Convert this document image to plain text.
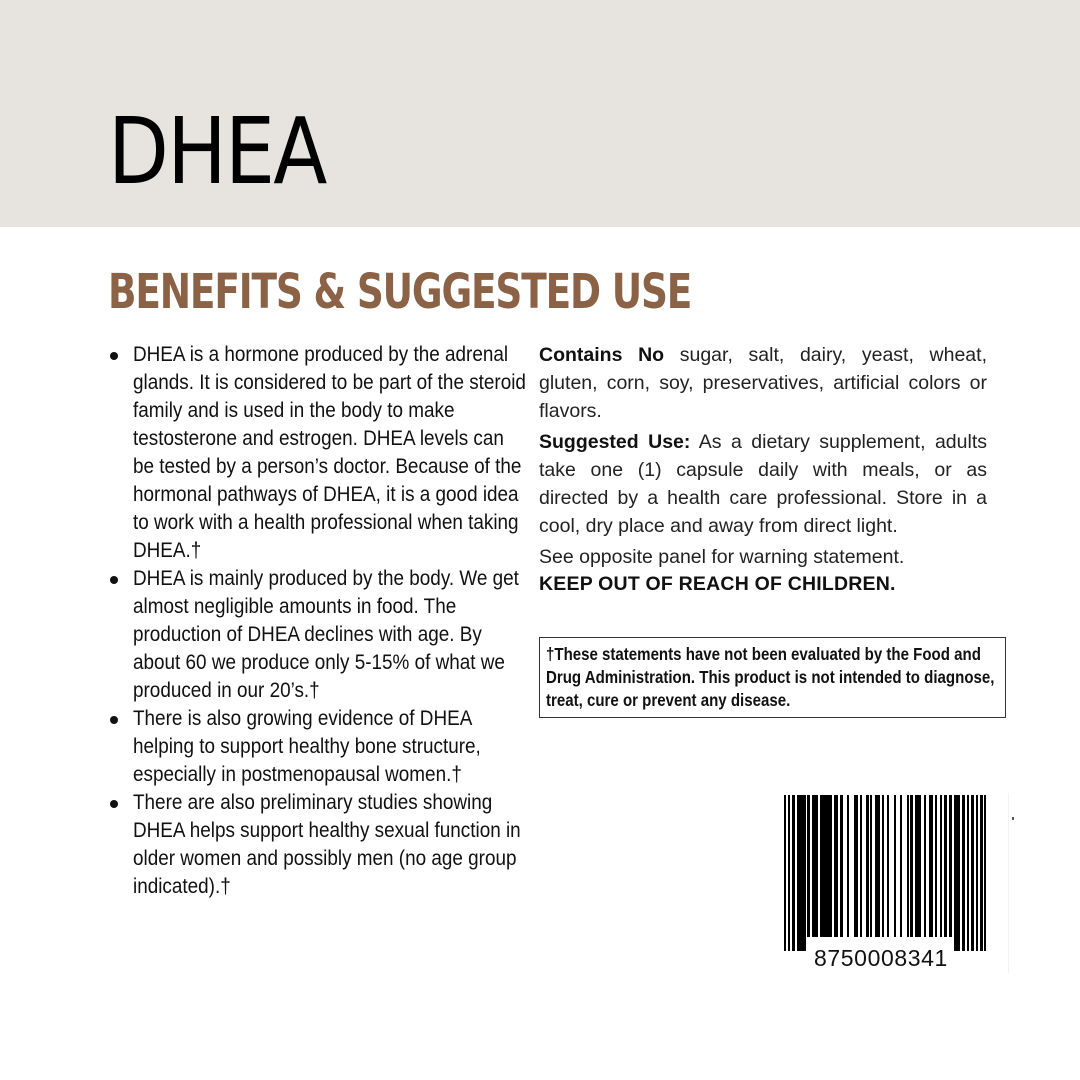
DHEA
BENEFITS & SUGGESTED USE
DHEA is a hormone produced by the adrenal glands. It is considered to be part of the steroid family and is used in the body to make testosterone and estrogen. DHEA levels can be tested by a person’s doctor. Because of the hormonal pathways of DHEA, it is a good idea to work with a health professional when taking DHEA.†
DHEA is mainly produced by the body. We get almost negligible amounts in food. The production of DHEA declines with age. By about 60 we produce only 5-15% of what we produced in our 20’s.†
There is also growing evidence of DHEA helping to support healthy bone structure, especially in postmenopausal women.†
There are also preliminary studies showing DHEA helps support healthy sexual function in older women and possibly men (no age group indicated).†

Contains No sugar, salt, dairy, yeast, wheat, gluten, corn, soy, preservatives, artificial colors or flavors.

Suggested Use: As a dietary supplement, adults take one (1) capsule daily with meals, or as directed by a health care professional. Store in a cool, dry place and away from direct light.

See opposite panel for warning statement.

KEEP OUT OF REACH OF CHILDREN.

†These statements have not been evaluated by the Food and Drug Administration. This product is not intended to diagnose, treat, cure or prevent any disease.
8750008341
